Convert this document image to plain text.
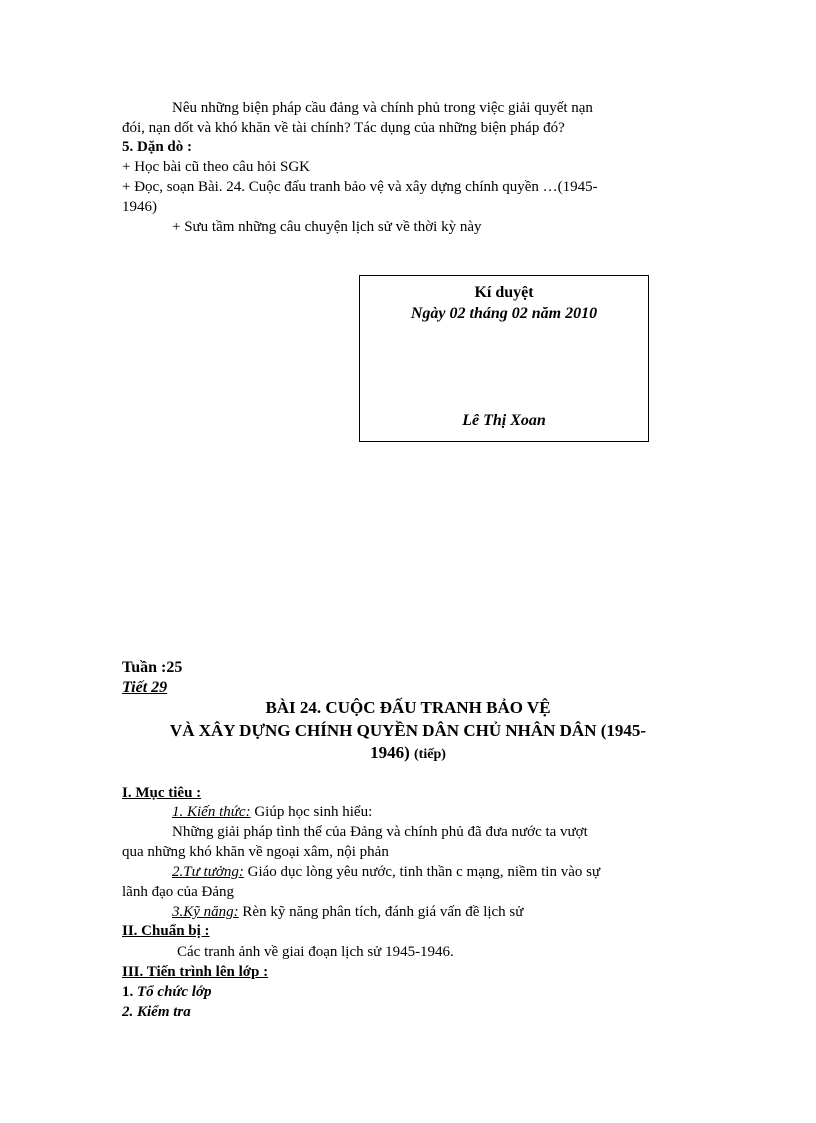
Nêu những biện pháp cầu đảng và chính phủ trong việc giải quyết nạn
đói, nạn dốt và khó khăn về tài chính? Tác dụng của những biện pháp đó?
5. Dặn dò :
+ Học bài cũ theo câu hỏi SGK
+ Đọc, soạn Bài. 24. Cuộc đấu tranh bảo vệ và xây dựng chính quyền …(1945-
1946)
+ Sưu tầm những câu chuyện lịch sử về thời kỳ này
Kí duyệt
Ngày 02 tháng 02 năm 2010
Lê Thị Xoan
Tuần :25
Tiết 29
BÀI 24. CUỘC ĐẤU TRANH BẢO VỆ
VÀ XÂY DỰNG CHÍNH QUYỀN DÂN CHỦ NHÂN DÂN (1945-
1946) (tiếp)
I. Mục tiêu :
1. Kiến thức: Giúp học sinh hiểu:
Những giải pháp tình thế của Đảng và chính phủ đã đưa nước ta vượt
qua những khó khăn về ngoại xâm, nội phản
2.Tư tưởng: Giáo dục lòng yêu nước, tinh thần c mạng, niềm tin vào sự
lãnh đạo của Đảng
3.Kỹ năng: Rèn kỹ năng phân tích, đánh giá vấn đề lịch sử
II. Chuẩn bị :
Các tranh ảnh về giai đoạn lịch sử 1945-1946.
III. Tiến trình lên lớp :
1. Tổ chức lớp
2. Kiểm tra
